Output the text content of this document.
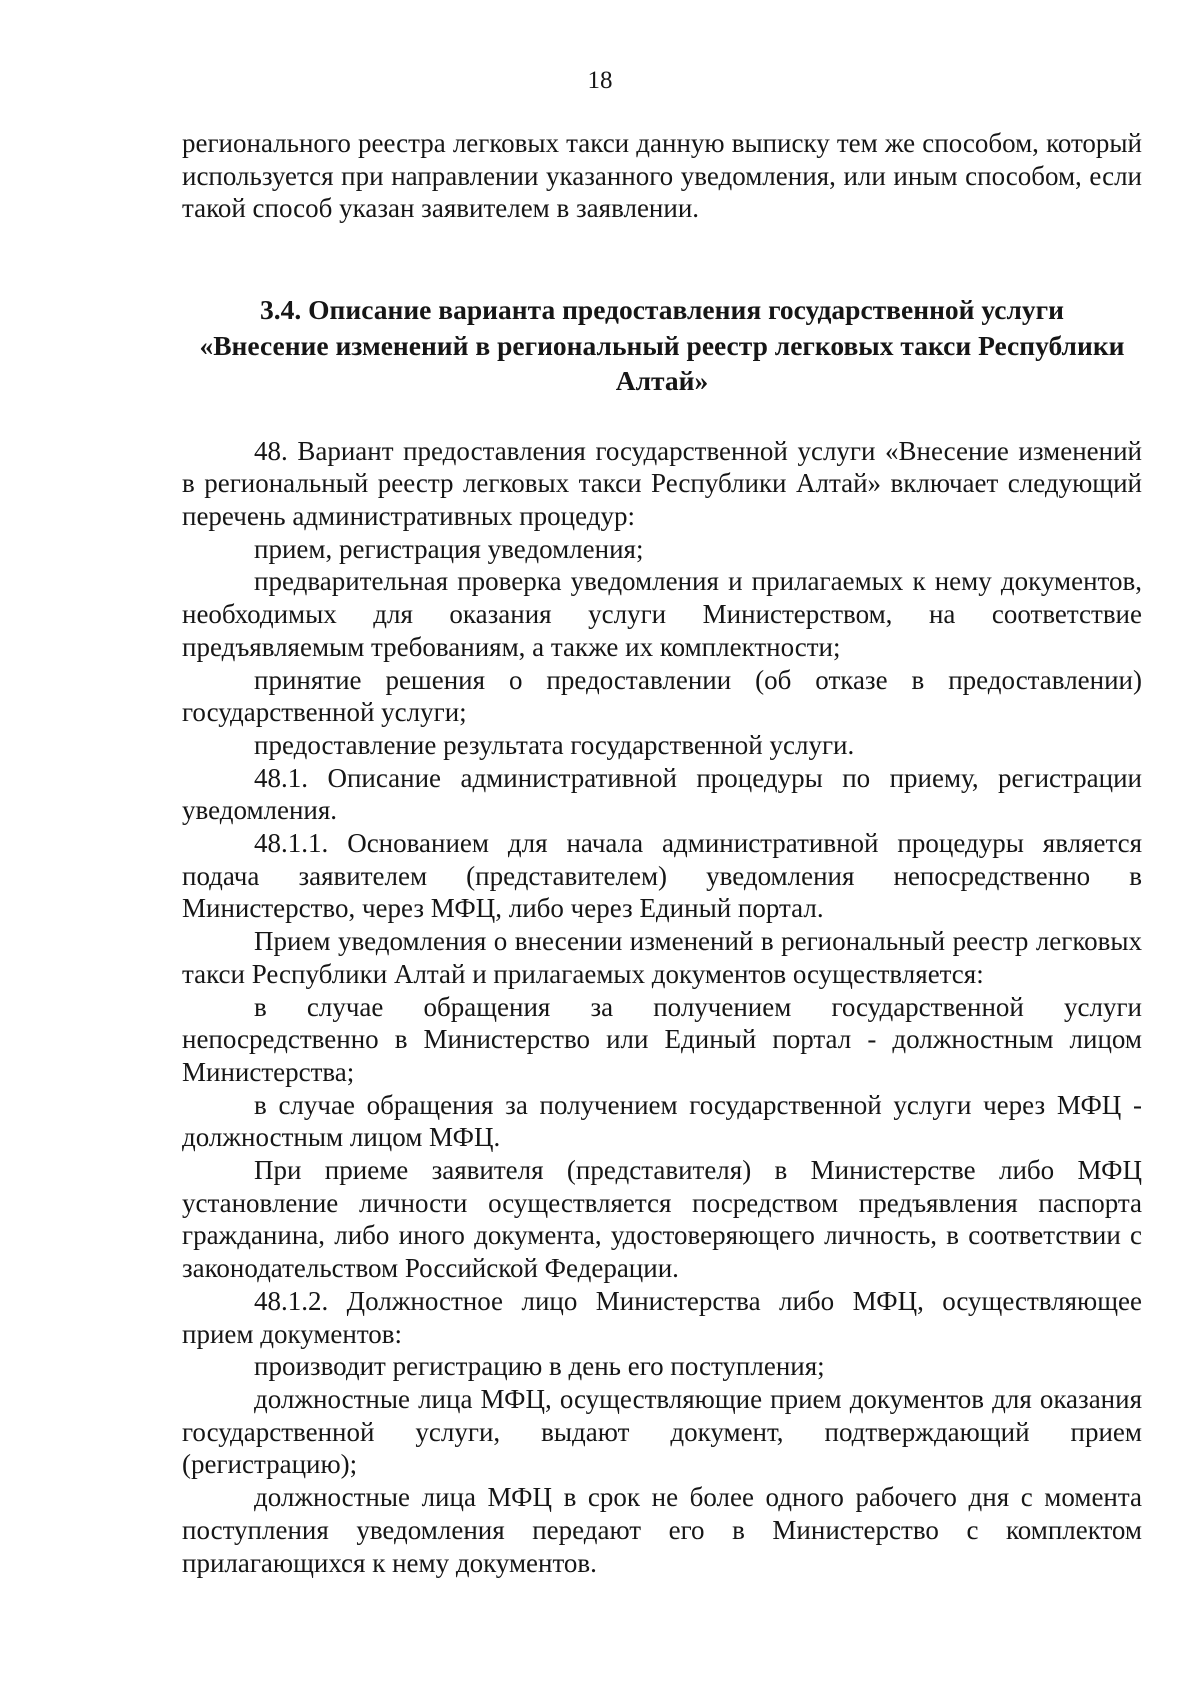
18

регионального реестра легковых такси данную выписку тем же способом, который используется при направлении указанного уведомления, или иным способом, если такой способ указан заявителем в заявлении.

3.4. Описание варианта предоставления государственной услуги
«Внесение изменений в региональный реестр легковых такси Республики
Алтай»

48. Вариант предоставления государственной услуги «Внесение изменений в региональный реестр легковых такси Республики Алтай» включает следующий перечень административных процедур:

прием, регистрация уведомления;

предварительная проверка уведомления и прилагаемых к нему документов, необходимых для оказания услуги Министерством, на соответствие предъявляемым требованиям, а также их комплектности;

принятие решения о предоставлении (об отказе в предоставлении) государственной услуги;

предоставление результата государственной услуги.

48.1. Описание административной процедуры по приему, регистрации уведомления.

48.1.1. Основанием для начала административной процедуры является подача заявителем (представителем) уведомления непосредственно в Министерство, через МФЦ, либо через Единый портал.

Прием уведомления о внесении изменений в региональный реестр легковых такси Республики Алтай и прилагаемых документов осуществляется:

в случае обращения за получением государственной услуги непосредственно в Министерство или Единый портал - должностным лицом Министерства;

в случае обращения за получением государственной услуги через МФЦ - должностным лицом МФЦ.

При приеме заявителя (представителя) в Министерстве либо МФЦ установление личности осуществляется посредством предъявления паспорта гражданина, либо иного документа, удостоверяющего личность, в соответствии с законодательством Российской Федерации.

48.1.2. Должностное лицо Министерства либо МФЦ, осуществляющее прием документов:

производит регистрацию в день его поступления;

должностные лица МФЦ, осуществляющие прием документов для оказания государственной услуги, выдают документ, подтверждающий прием (регистрацию);

должностные лица МФЦ в срок не более одного рабочего дня с момента поступления уведомления передают его в Министерство с комплектом прилагающихся к нему документов.
